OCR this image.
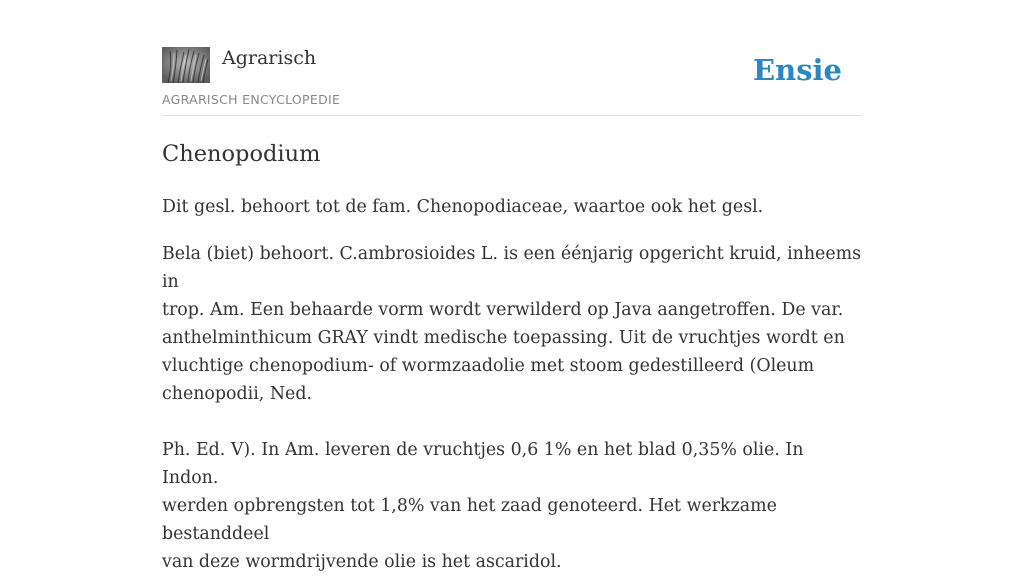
Agrarisch
AGRARISCH ENCYCLOPEDIE
Ensie
Chenopodium

Dit gesl. behoort tot de fam. Chenopodiaceae, waartoe ook het gesl.

Bela (biet) behoort. C.ambrosioides L. is een éénjarig opgericht kruid, inheems in
trop. Am. Een behaarde vorm wordt verwilderd op Java aangetroffen. De var.
anthelminthicum GRAY vindt medische toepassing. Uit de vruchtjes wordt en
vluchtige chenopodium- of wormzaadolie met stoom gedestilleerd (Oleum
chenopodii, Ned.

Ph. Ed. V). In Am. leveren de vruchtjes 0,6 1% en het blad 0,35% olie. In Indon.
werden opbrengsten tot 1,8% van het zaad genoteerd. Het werkzame bestanddeel
van deze wormdrijvende olie is het ascaridol.
